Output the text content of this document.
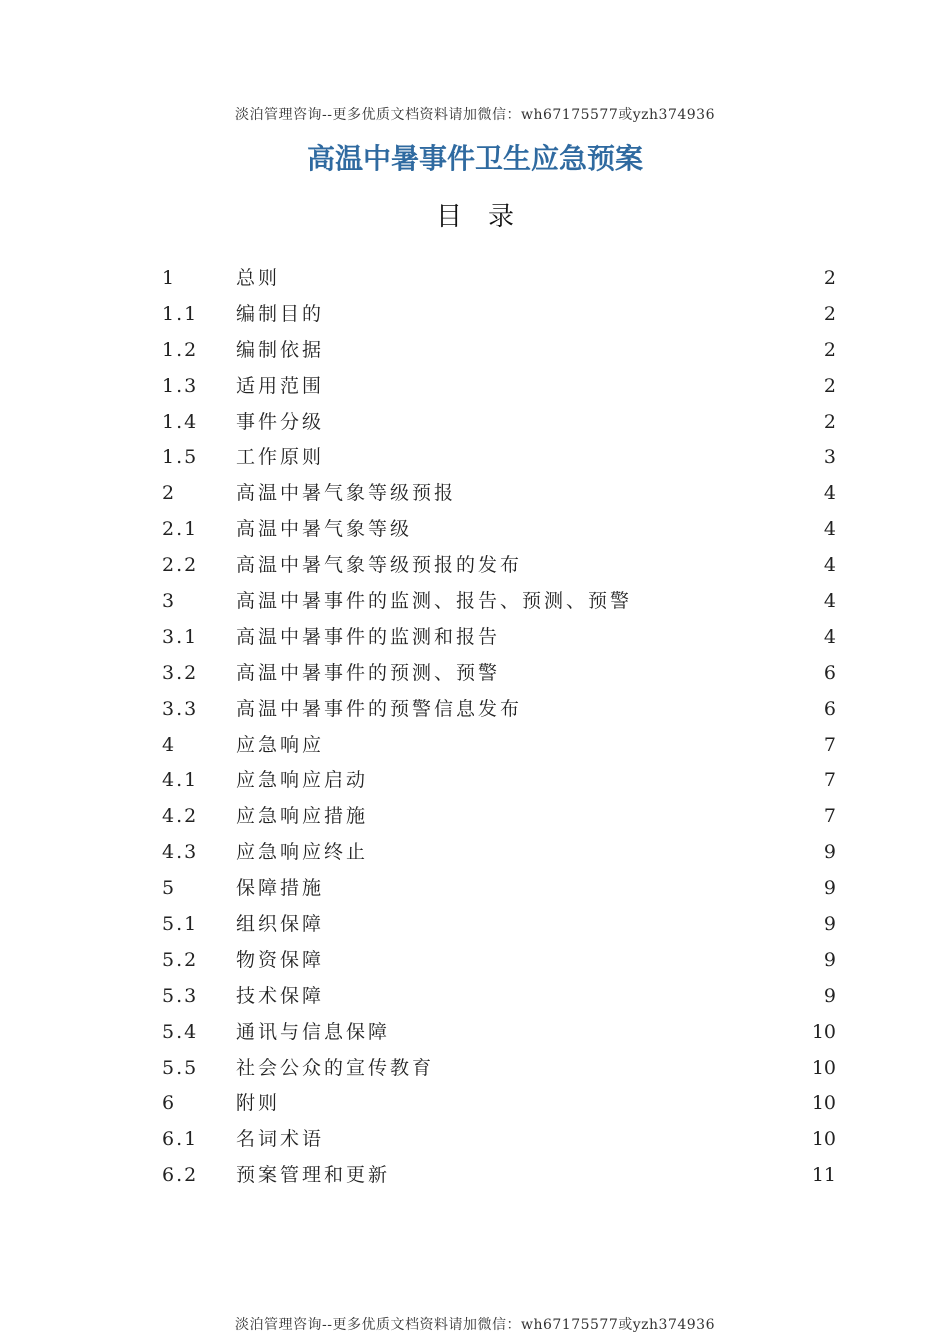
淡泊管理咨询--更多优质文档资料请加微信：wh67175577或yzh374936
高温中暑事件卫生应急预案
目录
1	总则	2
1.1 编制目的	2
1.2 编制依据	2
1.3 适用范围	2
1.4 事件分级	2
1.5 工作原则	3
2	高温中暑气象等级预报	4
2.1 高温中暑气象等级	4
2.2 高温中暑气象等级预报的发布	4
3	高温中暑事件的监测、报告、预测、预警	4
3.1 高温中暑事件的监测和报告	4
3.2 高温中暑事件的预测、预警	6
3.3 高温中暑事件的预警信息发布	6
4	应急响应	7
4.1 应急响应启动	7
4.2 应急响应措施	7
4.3 应急响应终止	9
5	保障措施	9
5.1 组织保障	9
5.2 物资保障	9
5.3 技术保障	9
5.4 通讯与信息保障	10
5.5 社会公众的宣传教育	10
6	附则	10
6.1 名词术语	10
6.2 预案管理和更新	11
淡泊管理咨询--更多优质文档资料请加微信：wh67175577或yzh374936
